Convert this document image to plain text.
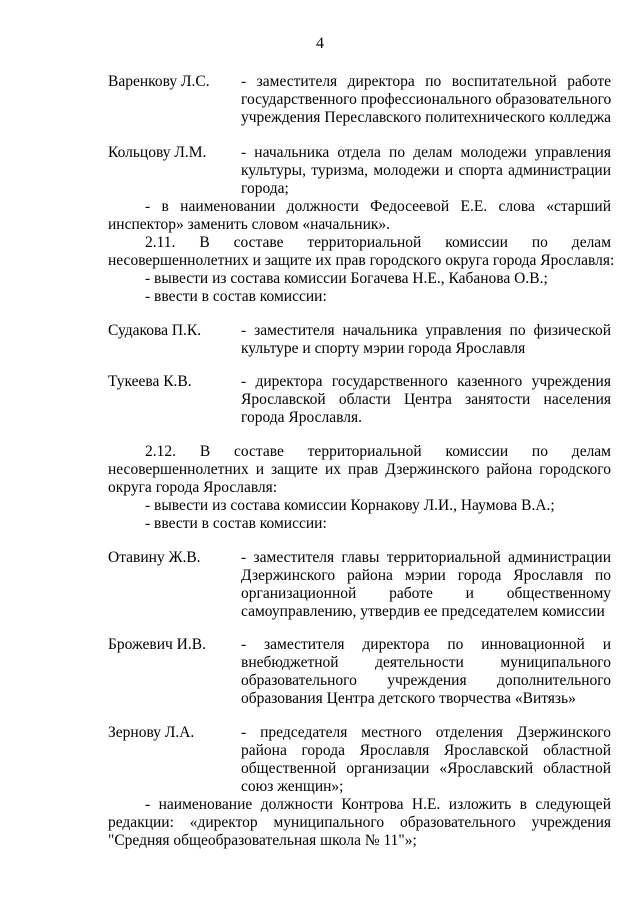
4
Варенкову Л.С. - заместителя директора по воспитательной работе
государственного профессионального образовательного
учреждения Переславского политехнического колледжа
Кольцову Л.М. - начальника отдела по делам молодежи управления
культуры, туризма, молодежи и спорта администрации
города;
- в наименовании должности Федосеевой Е.Е. слова «старший
инспектор» заменить словом «начальник».
2.11. В составе территориальной комиссии по делам
несовершеннолетних и защите их прав городского округа города Ярославля:
- вывести из состава комиссии Богачева Н.Е., Кабанова О.В.;
- ввести в состав комиссии:
Судакова П.К.	- заместителя начальника управления по физической
культуре и спорту мэрии города Ярославля
Тукеева К.В.	- директора государственного казенного учреждения
Ярославской области Центра занятости населения
города Ярославля.
2.12. В составе территориальной комиссии по делам
несовершеннолетних и защите их прав Дзержинского района городского
округа города Ярославля:
- вывести из состава комиссии Корнакову Л.И., Наумова В.А.;
- ввести в состав комиссии:
Отавину Ж.В.	- заместителя главы территориальной администрации
Дзержинского района мэрии города Ярославля по
организационной работе и общественному
самоуправлению, утвердив ее председателем комиссии
Брожевич И.В. - заместителя директора по инновационной и
внебюджетной деятельности муниципального
образовательного учреждения дополнительного
образования Центра детского творчества «Витязь»
Зернову Л.А.	- председателя местного отделения Дзержинского
района города Ярославля Ярославской областной
общественной организации «Ярославский областной
союз женщин»;
- наименование должности Контрова Н.Е. изложить в следующей
редакции: «директор муниципального образовательного учреждения
"Средняя общеобразовательная школа № 11"»;
